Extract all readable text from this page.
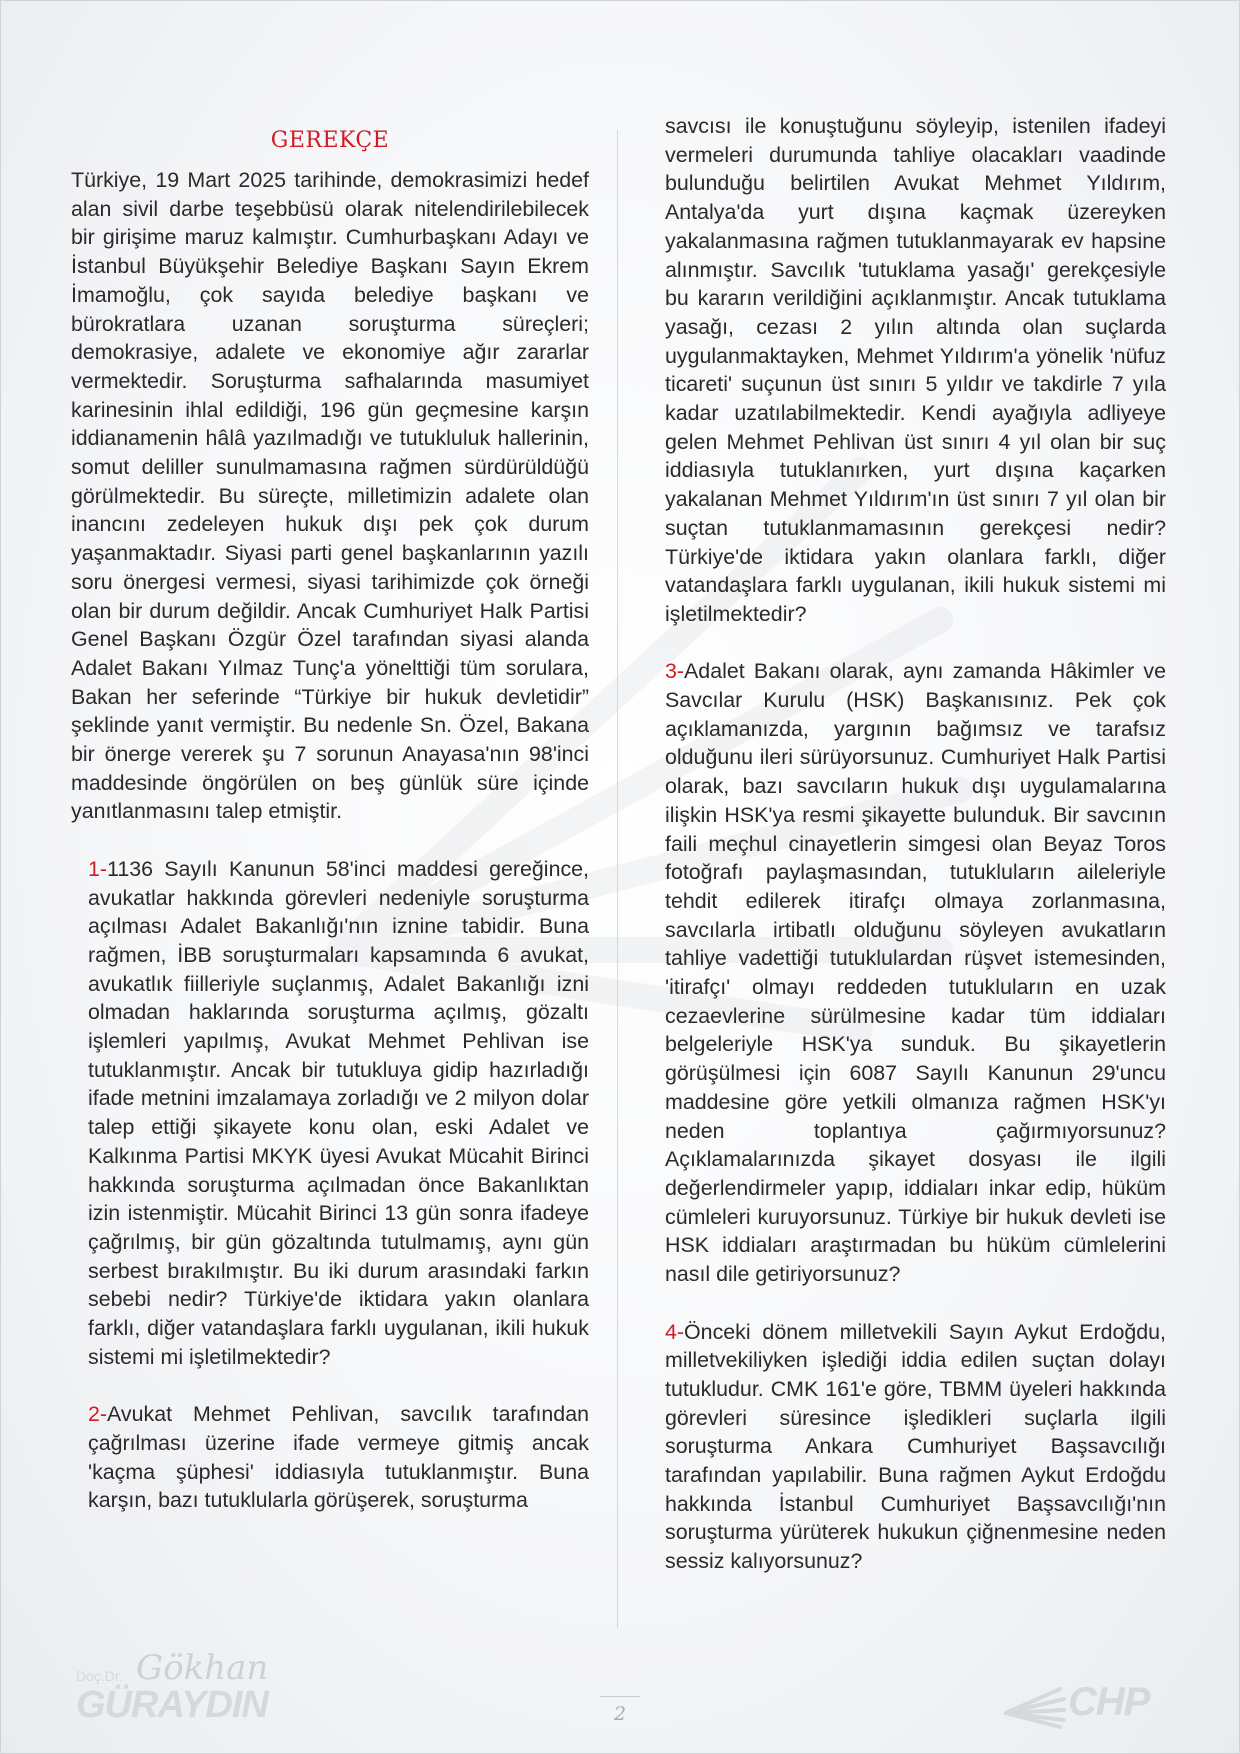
GEREKÇE

Türkiye, 19 Mart 2025 tarihinde, demokrasimizi hedef alan sivil darbe teşebbüsü olarak nitelendirilebilecek bir girişime maruz kalmıştır. Cumhurbaşkanı Adayı ve İstanbul Büyükşehir Belediye Başkanı Sayın Ekrem İmamoğlu, çok sayıda belediye başkanı ve bürokratlara uzanan soruşturma süreçleri; demokrasiye, adalete ve ekonomiye ağır zararlar vermektedir. Soruşturma safhalarında masumiyet karinesinin ihlal edildiği, 196 gün geçmesine karşın iddianamenin hâlâ yazılmadığı ve tutukluluk hallerinin, somut deliller sunulmamasına rağmen sürdürüldüğü görülmektedir. Bu süreçte, milletimizin adalete olan inancını zedeleyen hukuk dışı pek çok durum yaşanmaktadır. Siyasi parti genel başkanlarının yazılı soru önergesi vermesi, siyasi tarihimizde çok örneği olan bir durum değildir. Ancak Cumhuriyet Halk Partisi Genel Başkanı Özgür Özel tarafından siyasi alanda Adalet Bakanı Yılmaz Tunç'a yönelttiği tüm sorulara, Bakan her seferinde “Türkiye bir hukuk devletidir” şeklinde yanıt vermiştir. Bu nedenle Sn. Özel, Bakana bir önerge vererek şu 7 sorunun Anayasa'nın 98'inci maddesinde öngörülen on beş günlük süre içinde yanıtlanmasını talep etmiştir.

1-1136 Sayılı Kanunun 58'inci maddesi gereğince, avukatlar hakkında görevleri nedeniyle soruşturma açılması Adalet Bakanlığı'nın iznine tabidir. Buna rağmen, İBB soruşturmaları kapsamında 6 avukat, avukatlık fiilleriyle suçlanmış, Adalet Bakanlığı izni olmadan haklarında soruşturma açılmış, gözaltı işlemleri yapılmış, Avukat Mehmet Pehlivan ise tutuklanmıştır. Ancak bir tutukluya gidip hazırladığı ifade metnini imzalamaya zorladığı ve 2 milyon dolar talep ettiği şikayete konu olan, eski Adalet ve Kalkınma Partisi MKYK üyesi Avukat Mücahit Birinci hakkında soruşturma açılmadan önce Bakanlıktan izin istenmiştir. Mücahit Birinci 13 gün sonra ifadeye çağrılmış, bir gün gözaltında tutulmamış, aynı gün serbest bırakılmıştır. Bu iki durum arasındaki farkın sebebi nedir? Türkiye'de iktidara yakın olanlara farklı, diğer vatandaşlara farklı uygulanan, ikili hukuk sistemi mi işletilmektedir?

2-Avukat Mehmet Pehlivan, savcılık tarafından çağrılması üzerine ifade vermeye gitmiş ancak 'kaçma şüphesi' iddiasıyla tutuklanmıştır. Buna karşın, bazı tutuklularla görüşerek, soruşturma

savcısı ile konuştuğunu söyleyip, istenilen ifadeyi vermeleri durumunda tahliye olacakları vaadinde bulunduğu belirtilen Avukat Mehmet Yıldırım, Antalya'da yurt dışına kaçmak üzereyken yakalanmasına rağmen tutuklanmayarak ev hapsine alınmıştır. Savcılık 'tutuklama yasağı' gerekçesiyle bu kararın verildiğini açıklanmıştır. Ancak tutuklama yasağı, cezası 2 yılın altında olan suçlarda uygulanmaktayken, Mehmet Yıldırım'a yönelik 'nüfuz ticareti' suçunun üst sınırı 5 yıldır ve takdirle 7 yıla kadar uzatılabilmektedir. Kendi ayağıyla adliyeye gelen Mehmet Pehlivan üst sınırı 4 yıl olan bir suç iddiasıyla tutuklanırken, yurt dışına kaçarken yakalanan Mehmet Yıldırım'ın üst sınırı 7 yıl olan bir suçtan tutuklanmamasının gerekçesi nedir? Türkiye'de iktidara yakın olanlara farklı, diğer vatandaşlara farklı uygulanan, ikili hukuk sistemi mi işletilmektedir?

3-Adalet Bakanı olarak, aynı zamanda Hâkimler ve Savcılar Kurulu (HSK) Başkanısınız. Pek çok açıklamanızda, yargının bağımsız ve tarafsız olduğunu ileri sürüyorsunuz. Cumhuriyet Halk Partisi olarak, bazı savcıların hukuk dışı uygulamalarına ilişkin HSK'ya resmi şikayette bulunduk. Bir savcının faili meçhul cinayetlerin simgesi olan Beyaz Toros fotoğrafı paylaşmasından, tutukluların aileleriyle tehdit edilerek itirafçı olmaya zorlanmasına, savcılarla irtibatlı olduğunu söyleyen avukatların tahliye vadettiği tutuklulardan rüşvet istemesinden, 'itirafçı' olmayı reddeden tutukluların en uzak cezaevlerine sürülmesine kadar tüm iddiaları belgeleriyle HSK'ya sunduk. Bu şikayetlerin görüşülmesi için 6087 Sayılı Kanunun 29'uncu maddesine göre yetkili olmanıza rağmen HSK'yı neden toplantıya çağırmıyorsunuz? Açıklamalarınızda şikayet dosyası ile ilgili değerlendirmeler yapıp, iddiaları inkar edip, hüküm cümleleri kuruyorsunuz. Türkiye bir hukuk devleti ise HSK iddiaları araştırmadan bu hüküm cümlelerini nasıl dile getiriyorsunuz?

4-Önceki dönem milletvekili Sayın Aykut Erdoğdu, milletvekiliyken işlediği iddia edilen suçtan dolayı tutukludur. CMK 161'e göre, TBMM üyeleri hakkında görevleri süresince işledikleri suçlarla ilgili soruşturma Ankara Cumhuriyet Başsavcılığı tarafından yapılabilir. Buna rağmen Aykut Erdoğdu hakkında İstanbul Cumhuriyet Başsavcılığı'nın soruşturma yürüterek hukukun çiğnenmesine neden sessiz kalıyorsunuz?

Doç.Dr. Gökhan
GÜRAYDIN	2	CHP
